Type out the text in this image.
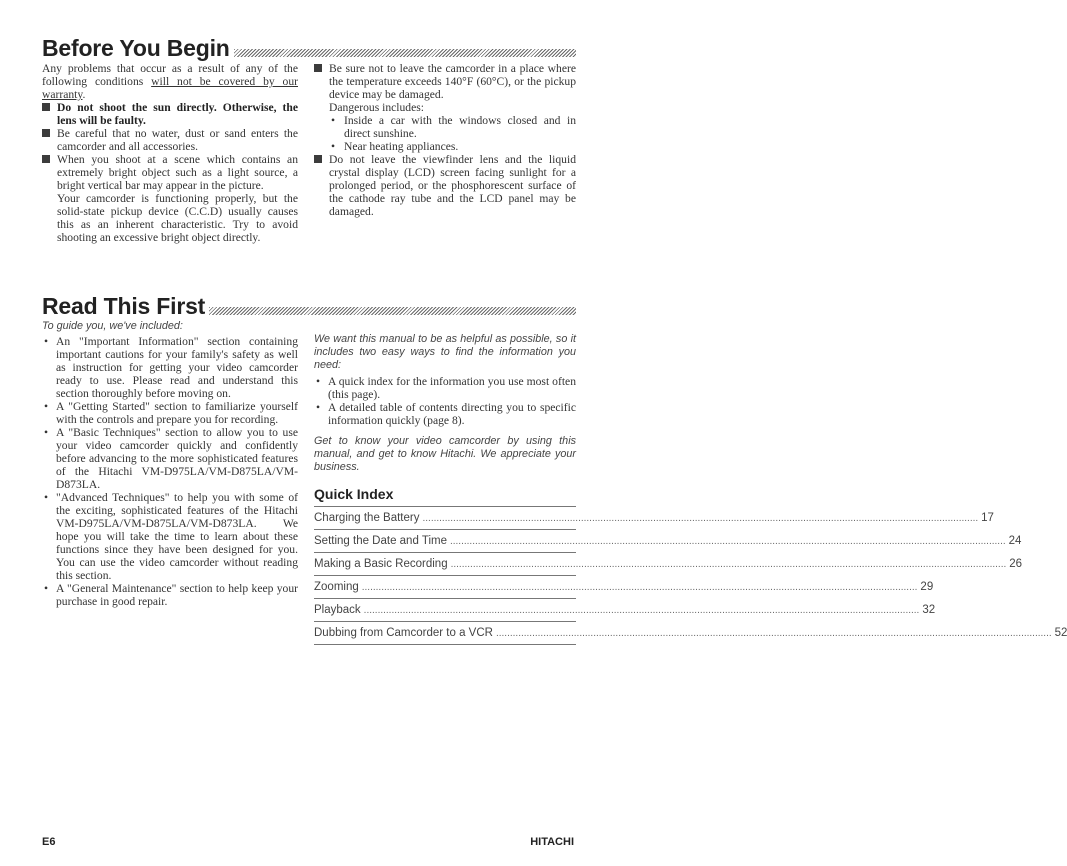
Before You Begin

Any problems that occur as a result of any of the following conditions will not be covered by our warranty.

Do not shoot the sun directly. Otherwise, the lens will be faulty.
Be careful that no water, dust or sand enters the camcorder and all accessories.
When you shoot at a scene which contains an extremely bright object such as a light source, a bright vertical bar may appear in the picture.

Your camcorder is functioning properly, but the solid-state pickup device (C.C.D) usually causes this as an inherent characteristic. Try to avoid shooting an excessive bright object directly.

Be sure not to leave the camcorder in a place where the temperature exceeds 140°F (60°C), or the pickup device may be damaged.

Dangerous includes:

• Inside a car with the windows closed and in direct sunshine.
• Near heating appliances.
Do not leave the viewfinder lens and the liquid crystal display (LCD) screen facing sunlight for a prolonged period, or the phosphorescent surface of the cathode ray tube and the LCD panel may be damaged.
Read This First

To guide you, we've included:

• An "Important Information" section containing important cautions for your family's safety as well as instruction for getting your video camcorder ready to use. Please read and understand this section thoroughly before moving on.
• A "Getting Started" section to familiarize yourself with the controls and prepare you for recording.
• A "Basic Techniques" section to allow you to use your video camcorder quickly and confidently before advancing to the more sophisticated features of the Hitachi VM-D975LA/VM-D875LA/VM-D873LA.
• "Advanced Techniques" to help you with some of the exciting, sophisticated features of the Hitachi VM-D975LA/VM-D875LA/VM-D873LA. We hope you will take the time to learn about these functions since they have been designed for you. You can use the video camcorder without reading this section.
• A "General Maintenance" section to help keep your purchase in good repair.

We want this manual to be as helpful as possible, so it includes two easy ways to find the information you need:

• A quick index for the information you use most often (this page).
• A detailed table of contents directing you to specific information quickly (page 8).

Get to know your video camcorder by using this manual, and get to know Hitachi. We appreciate your business.

Quick Index
Charging the Battery ........................................................................................................................................................................................................ 17
Setting the Date and Time ........................................................................................................................................................................................................ 24
Making a Basic Recording ........................................................................................................................................................................................................ 26
Zooming ........................................................................................................................................................................................................ 29
Playback ........................................................................................................................................................................................................ 32
Dubbing from Camcorder to a VCR ........................................................................................................................................................................................................ 52
E6	HITACHI
